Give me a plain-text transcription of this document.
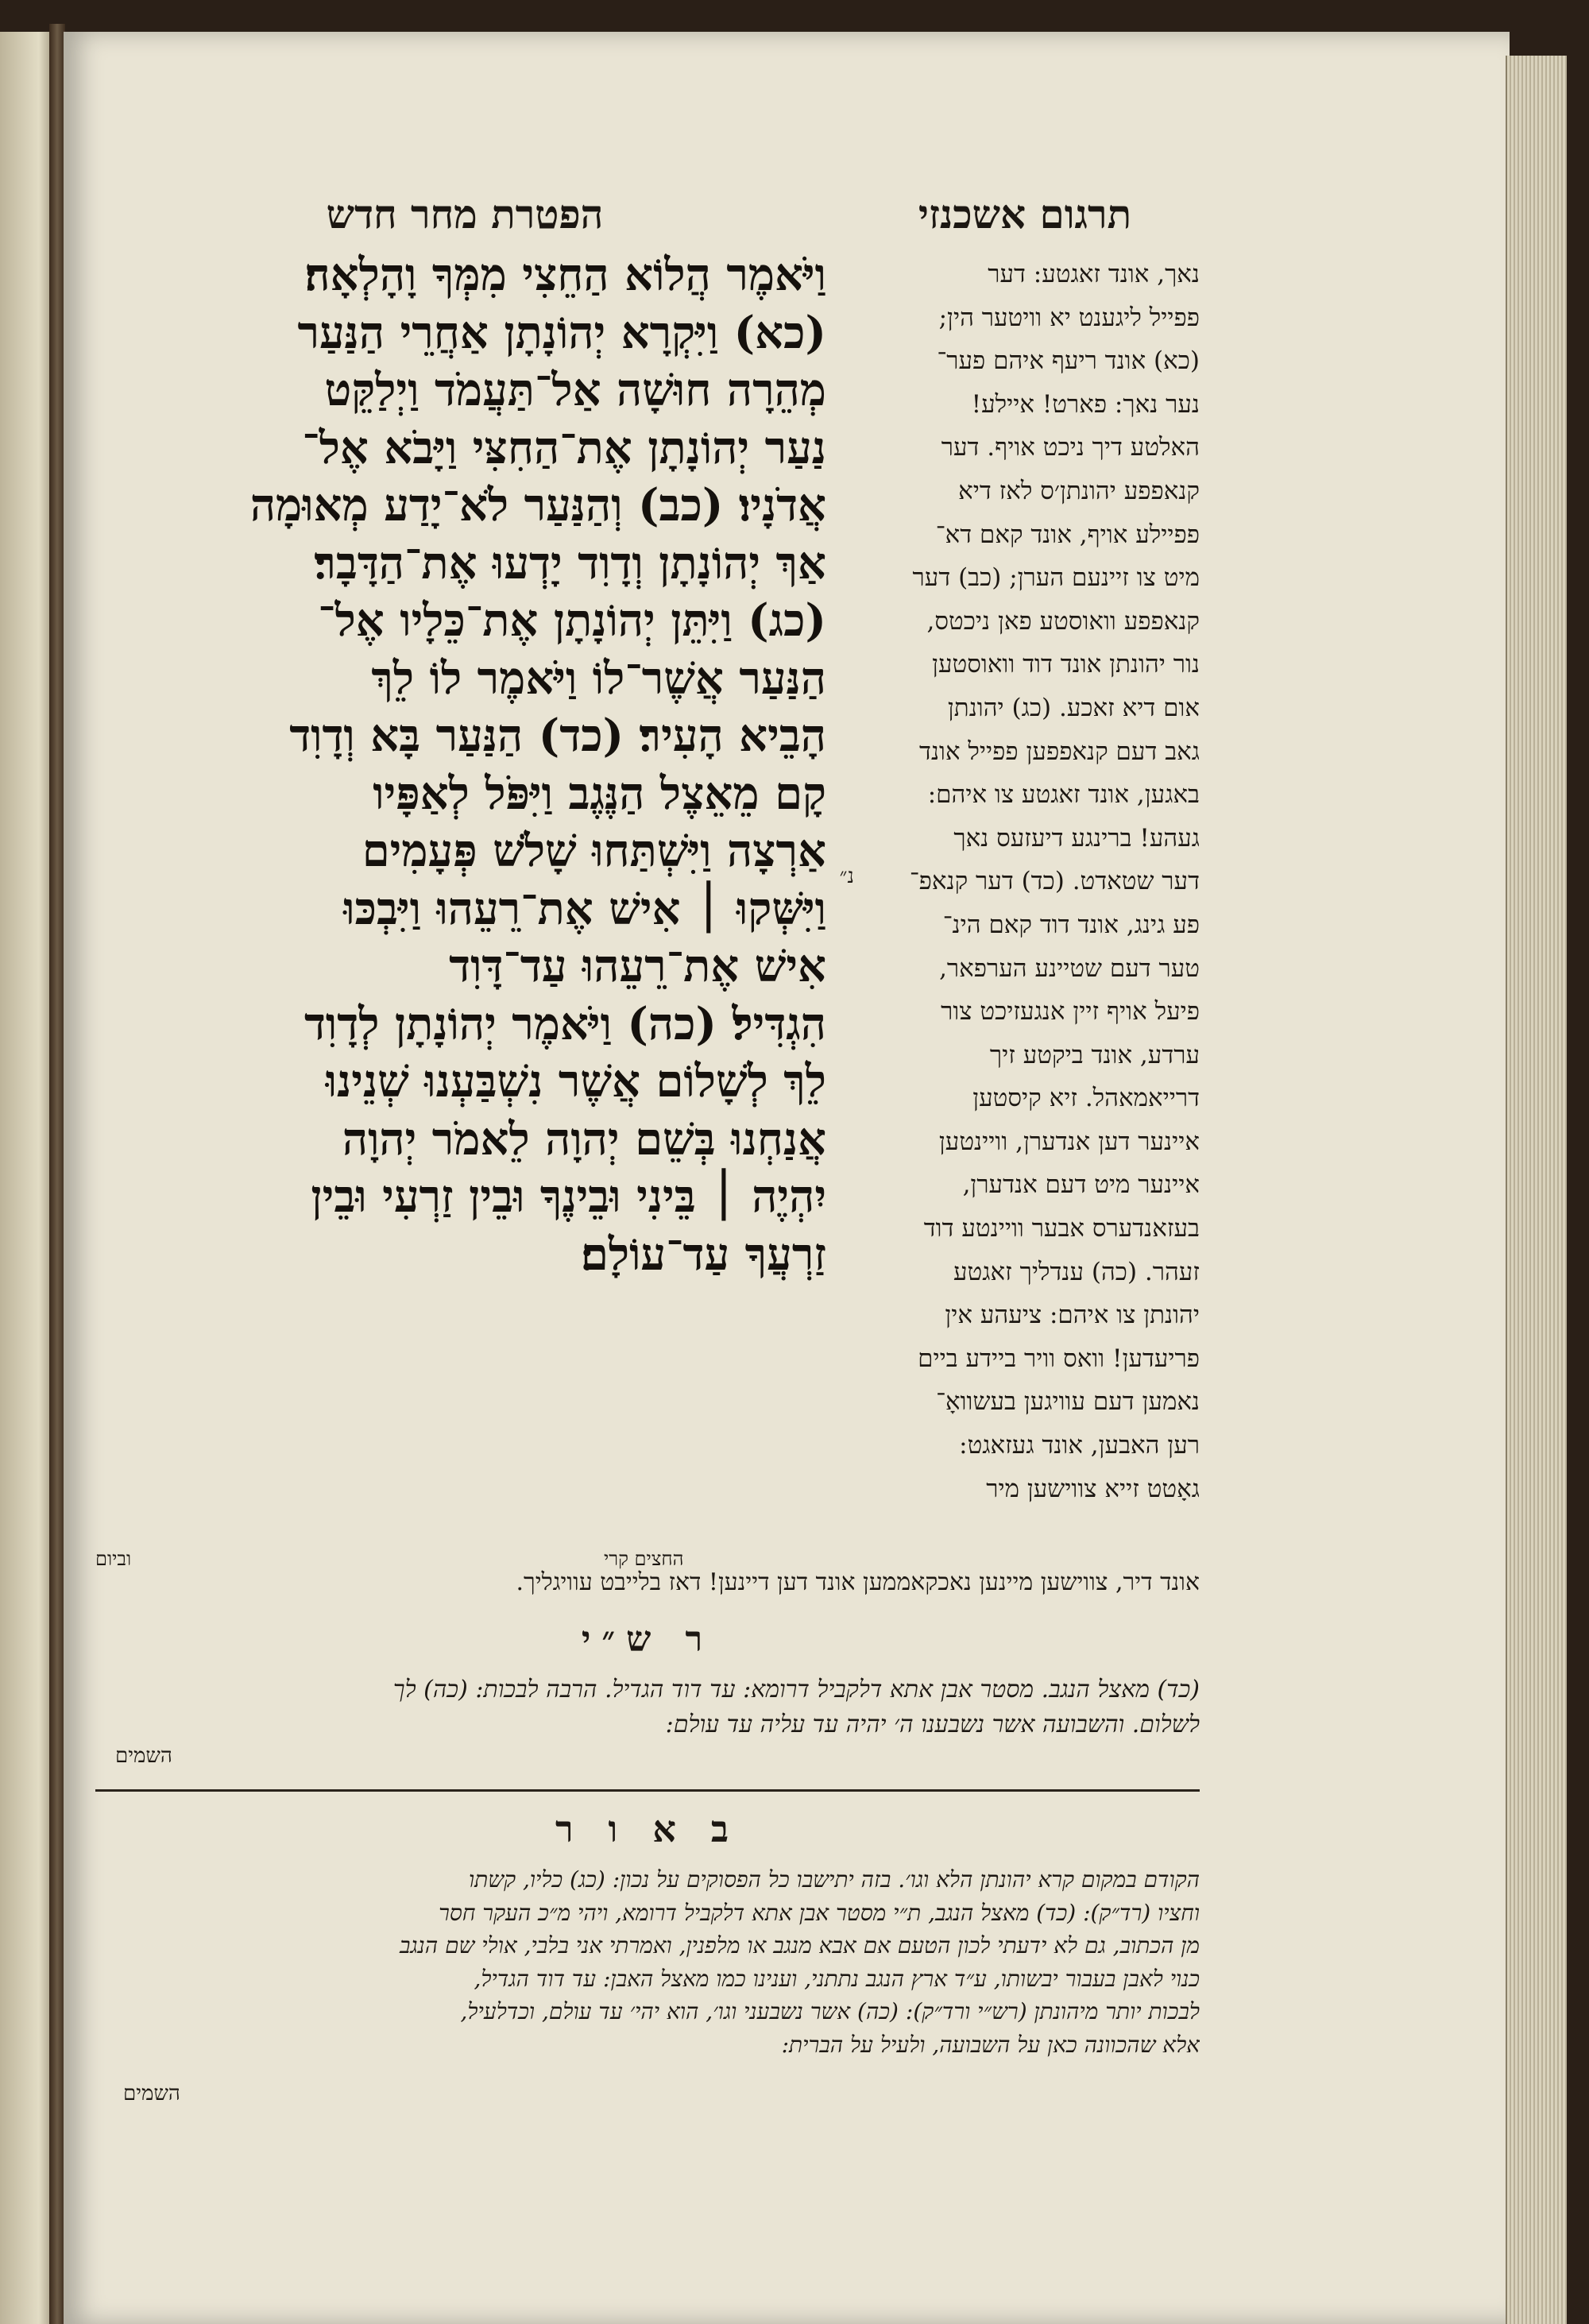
תרגום אשכנזי
הפטרת מחר חדש
נאך, אונד זאגטע: דער
פפייל ליגענט יא וויטער הין;
(כא) אונד ריעף איהם פער־
נער נאך: פארט! איילע!
האלטע דיך ניכט אויף. דער
קנאפפע יהונתן׳ס לאז דיא
פפיילע אויף, אונד קאם דא־
מיט צו זיינעם הערן; (כב) דער
קנאפפע וואוסטע פאן ניכטס,
נור יהונתן אונד דוד וואוסטען
אום דיא זאכע. (כג) יהונתן
גאב דעם קנאפפען פפייל אונד
באגען, אונד זאגטע צו איהם:
געהע! ברינגע דיעזעס נאך
דער שטאדט. (כד) דער קנאפ־
פע גינג, אונד דוד קאם הינ־
טער דעם שטיינע הערפאר,
פיעל אויף זיין אנגעזיכט צור
ערדע, אונד ביקטע זיך
דרייאמאהל. זיא קיסטען
איינער דען אנדערן, וויינטען
איינער מיט דעם אנדערן,
בעזאנדערס אבער וויינטע דוד
זעהר. (כה) ענדליך זאגטע
יהונתן צו איהם: ציעהע אין
פריעדען! וואס וויר ביידע ביים
נאמען דעם עוויגען בעשוואָ־
רען האבען, אונד געזאגט:
גאָטט זייא צווישען מיר
וַיֹּאמֶר הֲלוֹא הַחֵצִי מִמְּךָ וָהָלְאָה׃
(כא) וַיִּקְרָא יְהוֹנָתָן אַחֲרֵי הַנַּעַר
מְהֵרָה חוּשָׁה אַל־תַּעֲמֹד וַיְלַקֵּט
נַעַר יְהוֹנָתָן אֶת־הַחִצִּי וַיָּבֹא אֶל־
אֲדֹנָיו׃ (כב) וְהַנַּעַר לֹא־יָדַע מְאוּמָה
אַךְ יְהוֹנָתָן וְדָוִד יָדְעוּ אֶת־הַדָּבָר׃
(כג) וַיִּתֵּן יְהוֹנָתָן אֶת־כֵּלָיו אֶל־
הַנַּעַר אֲשֶׁר־לוֹ וַיֹּאמֶר לוֹ לֵךְ
הָבֵיא הָעִיר׃ (כד) הַנַּעַר בָּא וְדָוִד
קָם מֵאֵצֶל הַנֶּגֶב וַיִּפֹּל לְאַפָּיו
אַרְצָה וַיִּשְׁתַּחוּ שָׁלֹשׁ פְּעָמִים
וַיִּשְּׁקוּ ׀ אִישׁ אֶת־רֵעֵהוּ וַיִּבְכּוּ
אִישׁ אֶת־רֵעֵהוּ עַד־דָּוִד
הִגְדִּיל׃ (כה) וַיֹּאמֶר יְהוֹנָתָן לְדָוִד
לֵךְ לְשָׁלוֹם אֲשֶׁר נִשְׁבַּעְנוּ שְׁנֵינוּ
אֲנַחְנוּ בְּשֵׁם יְהוָה לֵאמֹר יְהוָה
יִהְיֶה ׀ בֵּינִי וּבֵינֶךָ וּבֵין זַרְעִי וּבֵין
זַרְעֲךָ עַד־עוֹלָם׃
נ״
אונד דיר, צווישען מיינען נאכקאממען אונד דען דיינען! דאז בלייבט עוויגליך.
החצים קרי
וביום
ר ש״י
(כד) מאצל הנגב. מסטר אבן אתא דלקביל דרומא: עד דוד הגדיל. הרבה לבכות: (כה) לך
לשלום. והשבועה אשר נשבענו ה׳ יהיה עד עליה עד עולם:
השמים
ב א ו ר
הקודם במקום קרא יהונתן הלא וגו׳. בזה יתישבו כל הפסוקים על נכון: (כג) כליו, קשתו
וחציו (רד״ק): (כד) מאצל הנגב, ת״י מסטר אבן אתא דלקביל דרומא, ויהי מ״כ העקר חסר
מן הכתוב, גם לא ידעתי לכון הטעם אם אבא מנגב או מלפנין, ואמרתי אני בלבי, אולי שם הנגב
כנוי לאבן בעבור יבשותו, ע״ד ארץ הנגב נתתני, וענינו כמו מאצל האבן: עד דוד הגדיל,
לבכות יותר מיהונתן (רש״י ורד״ק): (כה) אשר נשבעני וגו׳, הוא יהי׳ עד עולם, וכדלעיל,
אלא שהכוונה כאן על השבועה, ולעיל על הברית:
השמים
